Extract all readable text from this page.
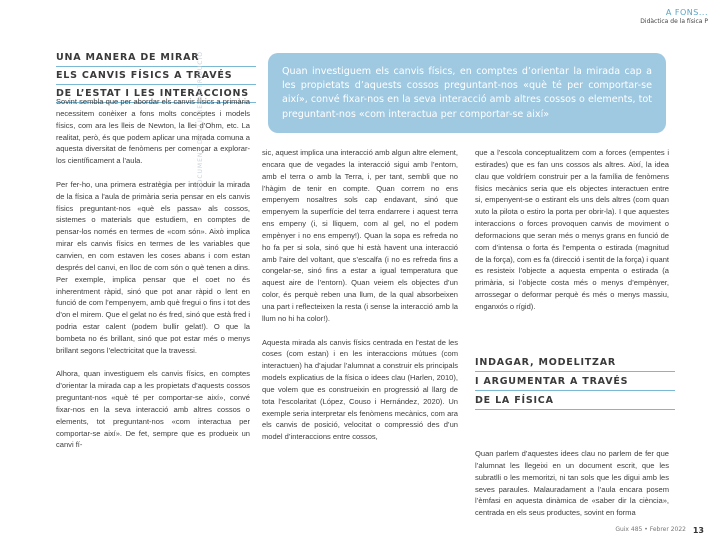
A FONS...
Didàctica de la física P
UNA MANERA DE MIRAR
ELS CANVIS FÍSICS A TRAVÉS
DE L’ESTAT I LES INTERACCIONS
Quan investiguem els canvis físics, en comptes d’orientar la mirada cap a les propietats d’aquests cossos preguntant-nos «què té per comportar-se així», convé fixar-nos en la seva interacció amb altres cossos o elements, tot preguntant-nos «com interactua per comportar-se així»

Sovint sembla que per abordar els canvis físics a primària necessitem conèixer a fons molts conceptes i models físics, com ara les lleis de Newton, la llei d’Ohm, etc. La realitat, però, és que podem aplicar una mirada comuna a aquesta diversitat de fenòmens per començar a explorar-los científicament a l’aula.

Per fer-ho, una primera estratègia per introduir la mirada de la física a l’aula de primària seria pensar en els canvis físics preguntant-nos «què els passa» als cossos, sistemes o materials que estudiem, en comptes de pensar-los només en termes de «com són». Això implica mirar els canvis físics en termes de les variables que canvien, en com estaven les coses abans i com estan després del canvi, en lloc de com són o què tenen a dins. Per exemple, implica pensar que el coet no és inherentment ràpid, sinó que pot anar ràpid o lent en funció de com l’empenyem, amb què fregui o fins i tot des d’on el mirem. Que el gelat no és fred, sinó que està fred i podria estar calent (podem bullir gelat!). O que la bombeta no és brillant, sinó que pot estar més o menys brillant segons l’electricitat que la travessi.

Alhora, quan investiguem els canvis físics, en comptes d’orientar la mirada cap a les propietats d’aquests cossos preguntant-nos «què té per comportar-se així», convé fixar-nos en la seva interacció amb altres cossos o elements, tot preguntant-nos «com interactua per comportar-se així». De fet, sempre que es produeix un canvi fí-

DOCUMENT DE LLIURE DISTRIBUCIÓ	sic, aquest implica una interacció amb algun altre element, encara que de vegades la interacció sigui amb l’entorn, amb el terra o amb la Terra, i, per tant, sembli que no l’hàgim de tenir en compte. Quan correm no ens empenyem nosaltres sols cap endavant, sinó que empenyem la superfície del terra endarrere i aquest terra ens empeny (i, si lliquem, com al gel, no el podem empènyer i no ens empeny!). Quan la sopa es refreda no ho fa per si sola, sinó que hi està havent una interacció amb l’aire del voltant, que s’escalfa (i no es refreda fins a congelar-se, sinó fins a estar a igual temperatura que aquest aire de l’entorn). Quan veiem els objectes d’un color, és perquè reben una llum, de la qual absorbeixen una part i reflecteixen la resta (i sense la interacció amb la llum no hi ha color!).

Aquesta mirada als canvis físics centrada en l’estat de les coses (com estan) i en les interaccions mútues (com interactuen) ha d’ajudar l’alumnat a construir els principals models explicatius de la física o idees clau (Harlen, 2010), que volem que es construeixin en progressió al llarg de tota l’escolaritat (López, Couso i Hernández, 2020). Un exemple seria interpretar els fenòmens mecànics, com ara els canvis de posició, velocitat o compressió des d’un model d’interaccions entre cossos,

que a l’escola conceptualitzem com a forces (empentes i estirades) que es fan uns cossos als altres. Així, la idea clau que voldríem construir per a la família de fenòmens físics mecànics seria que els objectes interactuen entre si, empenyent-se o estirant els uns dels altres (com quan xuto la pilota o estiro la porta per obrir-la). I que aquestes interaccions o forces provoquen canvis de moviment o deformacions que seran més o menys grans en funció de com d’intensa o forta és l’empenta o estirada (magnitud de la força), com es fa (direcció i sentit de la força) i quant es resisteix l’objecte a aquesta empenta o estirada (a primària, si l’objecte costa més o menys d’empènyer, arrossegar o deformar perquè és més o menys massiu, enganxós o rígid).

INDAGAR, MODELITZAR
I ARGUMENTAR A TRAVÉS
DE LA FÍSICA

Quan parlem d’aquestes idees clau no parlem de fer que l’alumnat les llegeixi en un document escrit, que les subratlli o les memoritzi, ni tan sols que les digui amb les seves paraules. Malauradament a l’aula encara posem l’èmfasi en aquesta dinàmica de «saber dir la ciència», centrada en els seus productes, sovint en forma

Guix 485 • Febrer 2022 13
